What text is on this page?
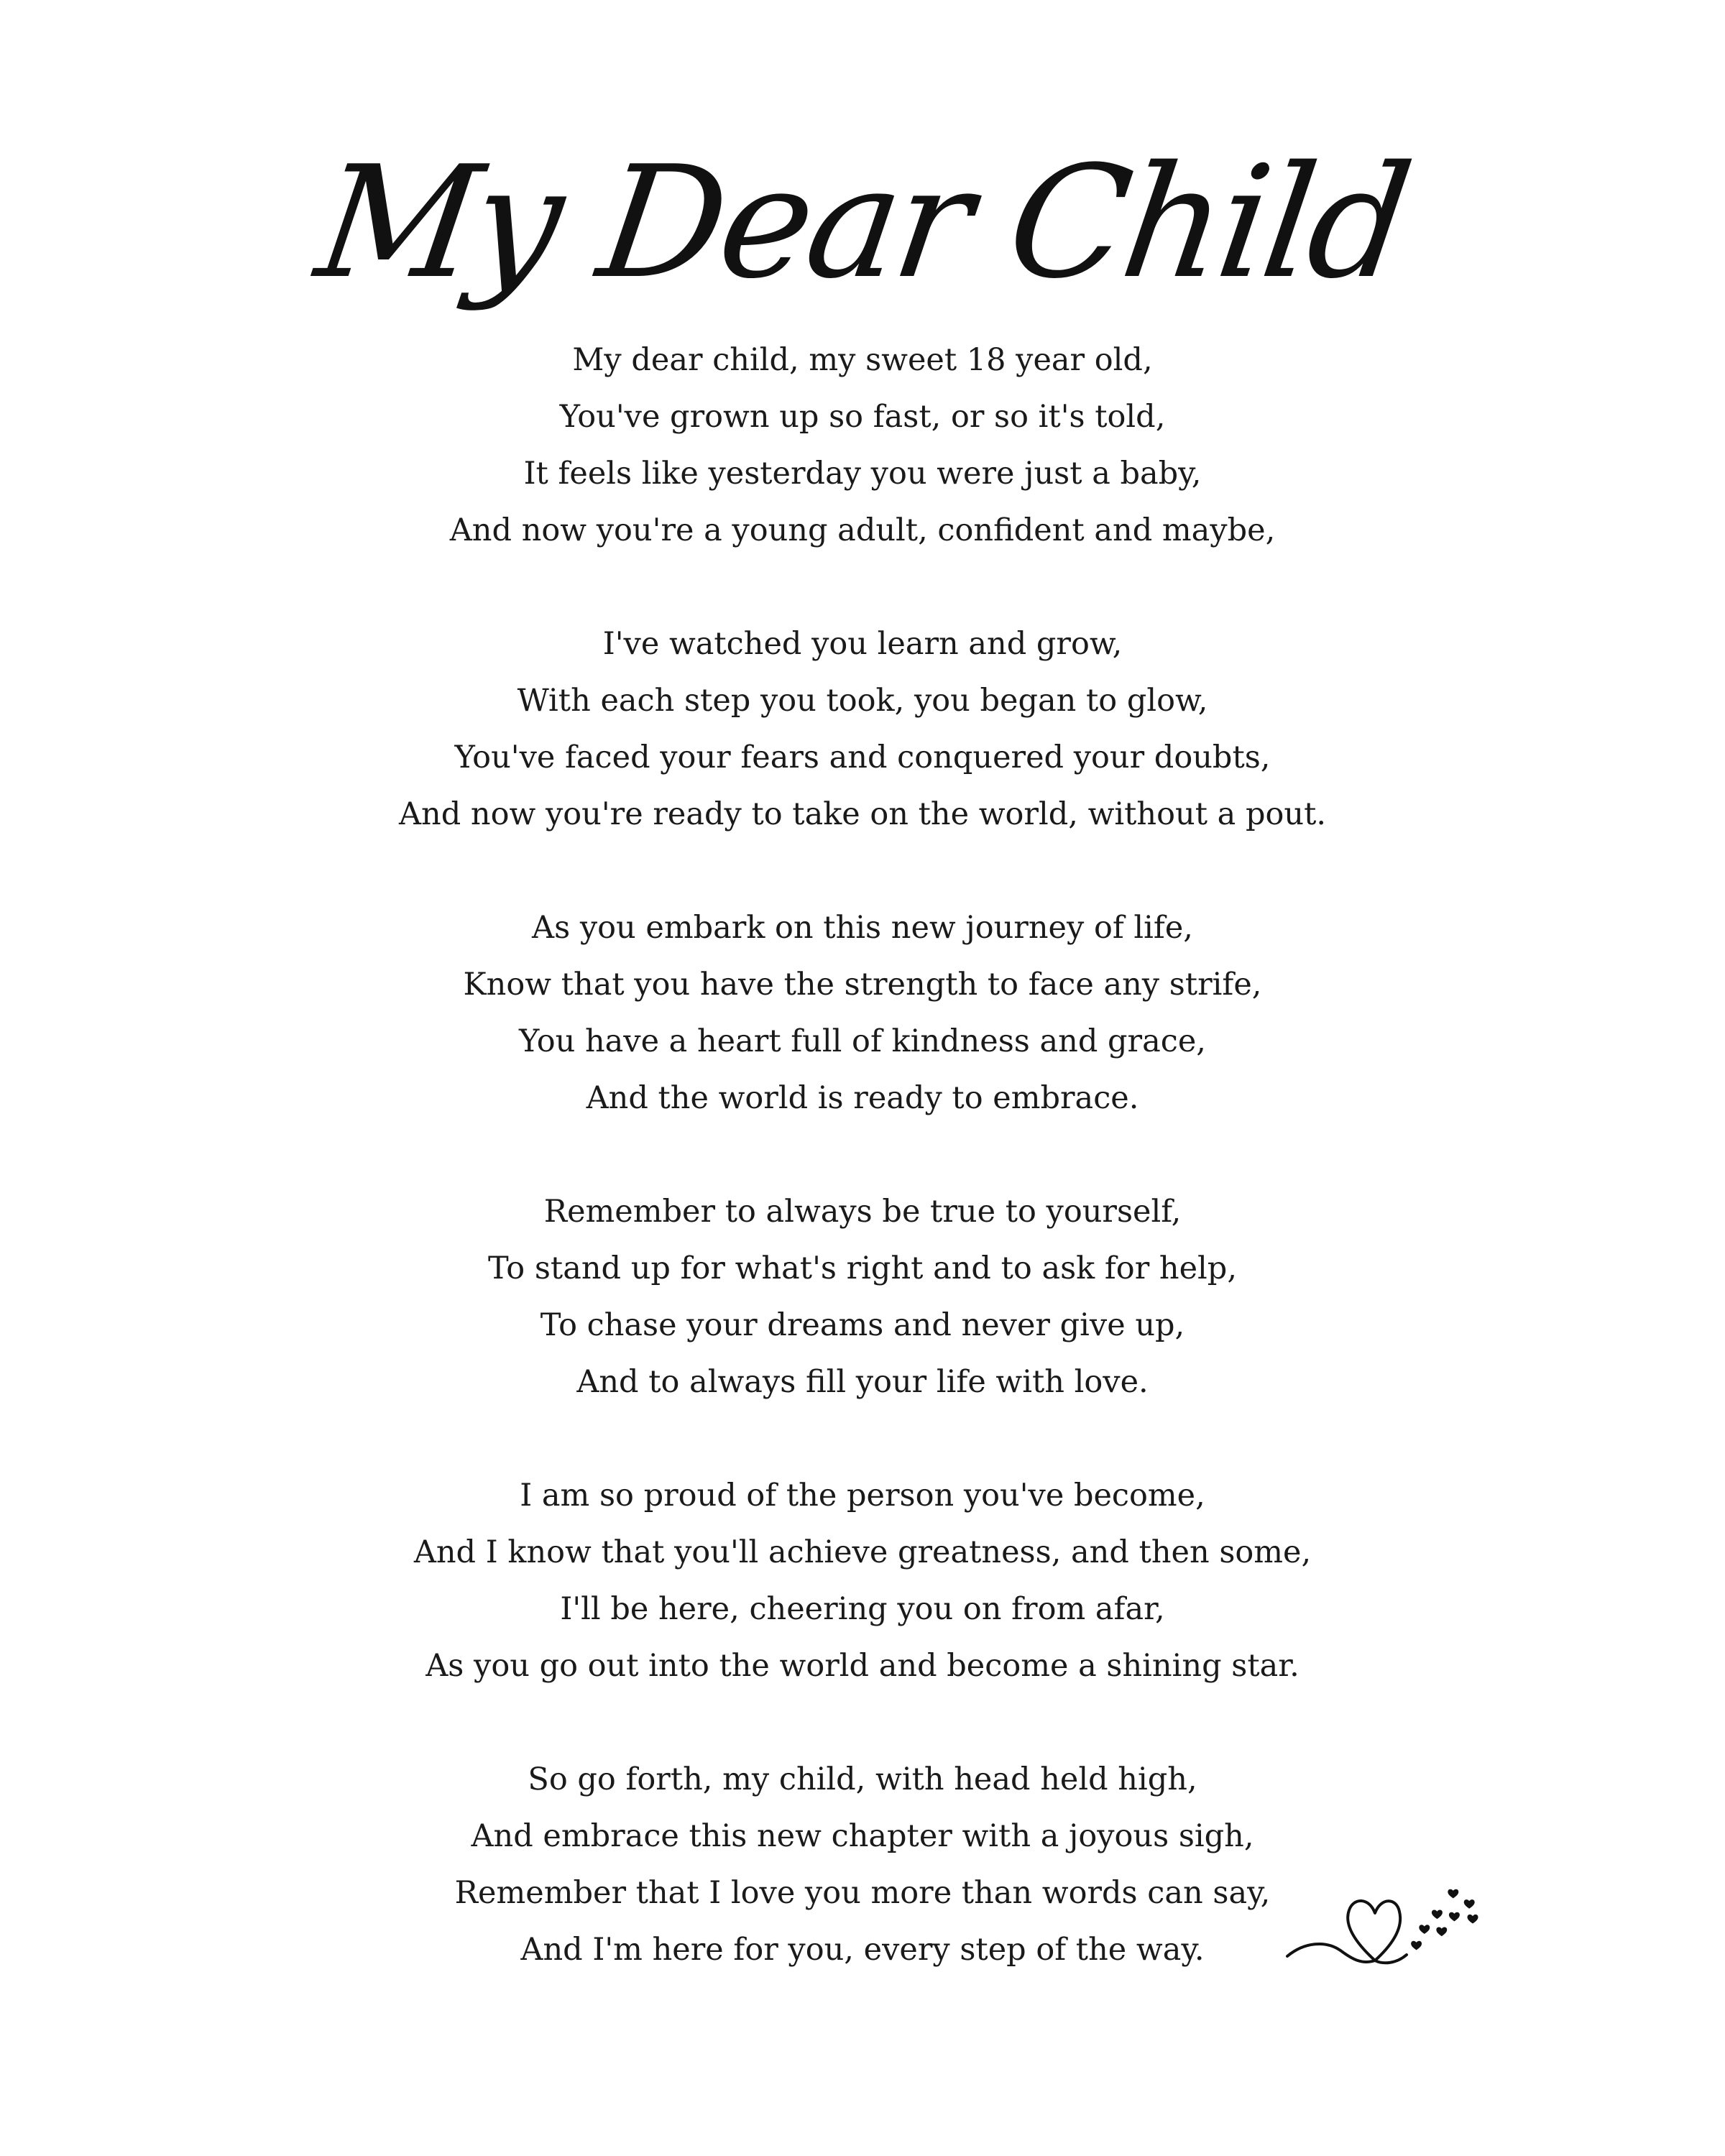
My Dear Child
My dear child, my sweet 18 year old,
You've grown up so fast, or so it's told,
It feels like yesterday you were just a baby,
And now you're a young adult, confident and maybe,
I've watched you learn and grow,
With each step you took, you began to glow,
You've faced your fears and conquered your doubts,
And now you're ready to take on the world, without a pout.
As you embark on this new journey of life,
Know that you have the strength to face any strife,
You have a heart full of kindness and grace,
And the world is ready to embrace.
Remember to always be true to yourself,
To stand up for what's right and to ask for help,
To chase your dreams and never give up,
And to always fill your life with love.
I am so proud of the person you've become,
And I know that you'll achieve greatness, and then some,
I'll be here, cheering you on from afar,
As you go out into the world and become a shining star.
So go forth, my child, with head held high,
And embrace this new chapter with a joyous sigh,
Remember that I love you more than words can say,
And I'm here for you, every step of the way.
